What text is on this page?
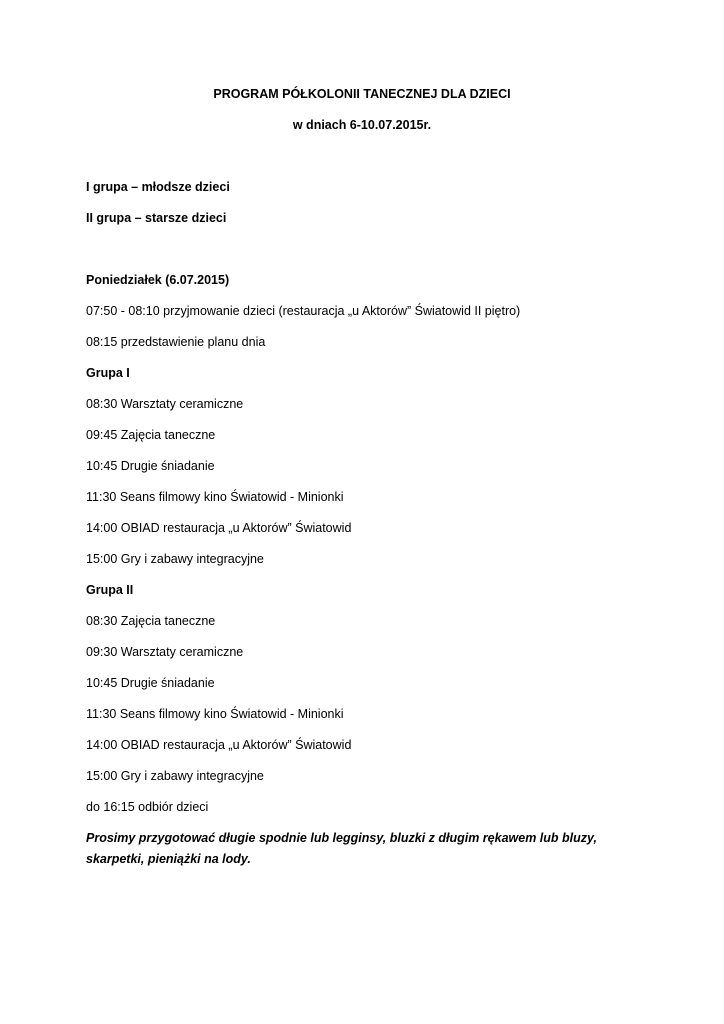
PROGRAM PÓŁKOLONII TANECZNEJ DLA DZIECI
w dniach 6-10.07.2015r.
I grupa – młodsze dzieci
II grupa – starsze dzieci
Poniedziałek (6.07.2015)
07:50 - 08:10 przyjmowanie dzieci (restauracja „u Aktorów” Światowid II piętro)
08:15 przedstawienie planu dnia
Grupa I
08:30 Warsztaty ceramiczne
09:45 Zajęcia taneczne
10:45 Drugie śniadanie
11:30 Seans filmowy kino Światowid - Minionki
14:00 OBIAD restauracja „u Aktorów” Światowid
15:00 Gry i zabawy integracyjne
Grupa II
08:30 Zajęcia taneczne
09:30 Warsztaty ceramiczne
10:45 Drugie śniadanie
11:30 Seans filmowy kino Światowid - Minionki
14:00 OBIAD restauracja „u Aktorów” Światowid
15:00 Gry i zabawy integracyjne
do 16:15 odbiór dzieci
Prosimy przygotować długie spodnie lub legginsy, bluzki z długim rękawem lub bluzy, skarpetki, pieniążki na lody.
